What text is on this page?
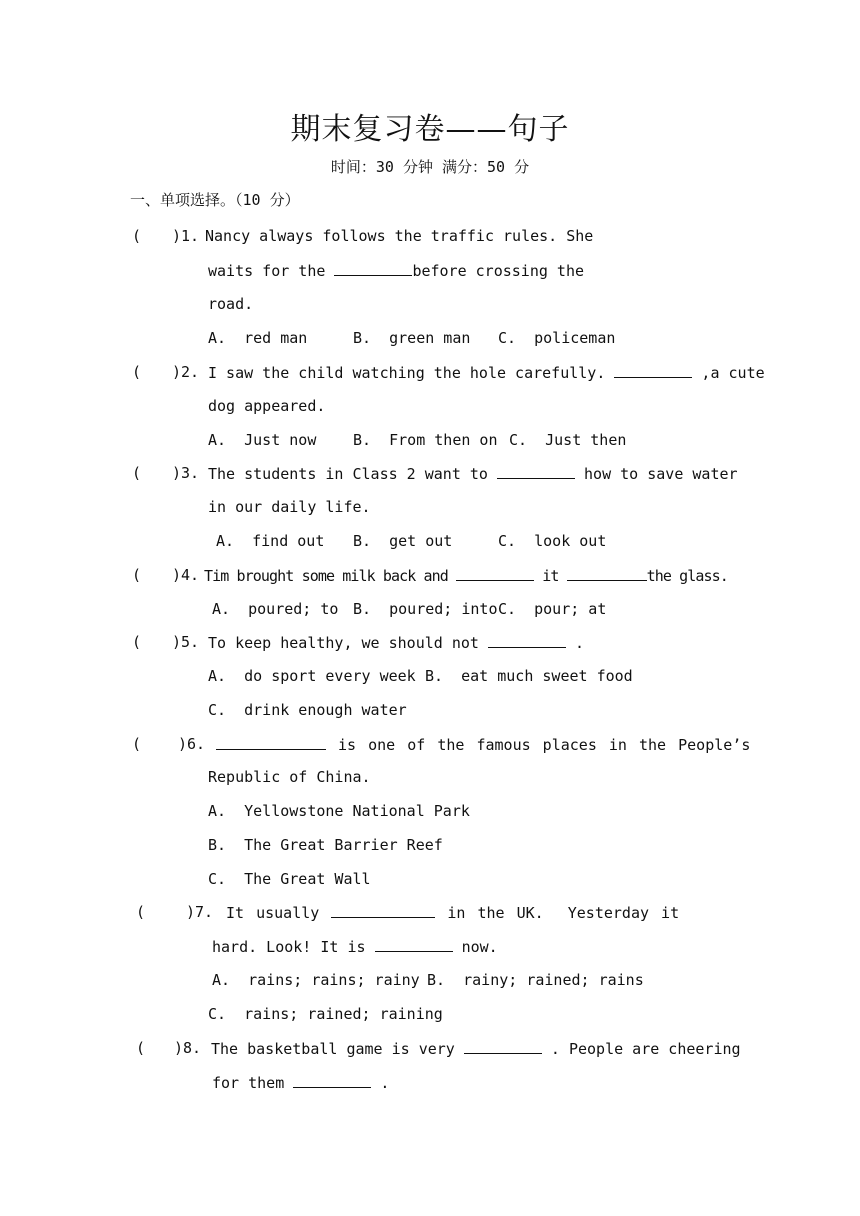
期末复习卷——句子
时间：30 分钟 满分：50 分
一、单项选择。（10 分）
( )1. Nancy always follows the traffic rules. She
waits for the	before crossing the
road.
A.  red man	B.  green man C.  policeman
( )2. I saw the child watching the hole carefully.	,a cute
dog appeared.
A.  Just now B.  From then on C.  Just then
( )3. The students in Class 2 want to	how to save water
in our daily life.
A.  find out B.  get out	C.  look out
( )4. Tim brought some milk back and	it	the glass.
A.  poured; to B.  poured; into C.  pour; at
( )5. To keep healthy, we should not	.
A.  do sport every week B.  eat much sweet food
C.  drink enough water
( )6.	is one of the famous places in the People’s
Republic of China.
A.  Yellowstone National Park
B.  The Great Barrier Reef
C.  The Great Wall
(	)7. It usually	in the UK.  Yesterday it
hard. Look! It is	now.
A.  rains; rains; rainy B.  rainy; rained; rains
C.  rains; rained; raining
( )8. The basketball game is very	. People are cheering
for them	.
